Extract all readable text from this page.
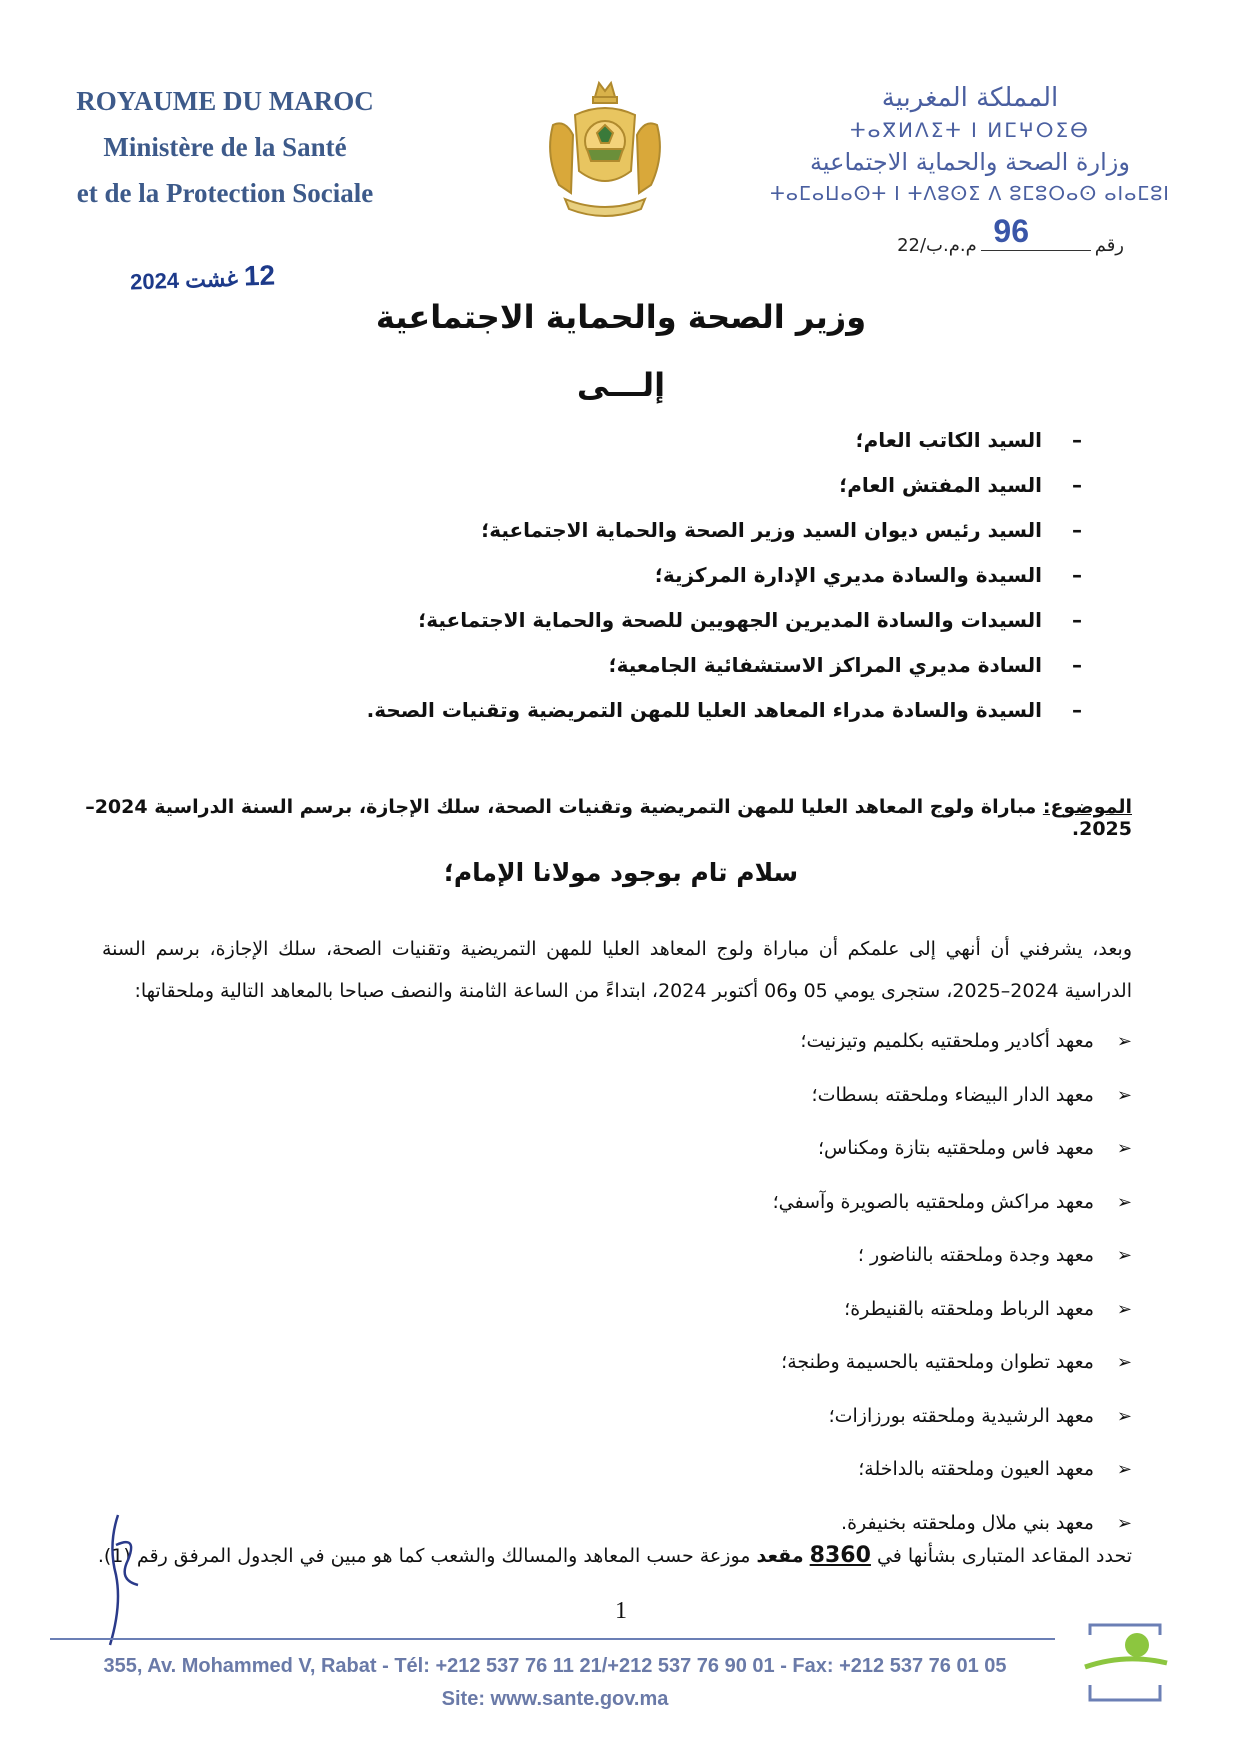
ROYAUME DU MAROC
Ministère de la Santé
et de la Protection Sociale
المملكة المغربية
ⵜⴰⴳⵍⴷⵉⵜ ⵏ ⵍⵎⵖⵔⵉⴱ
وزارة الصحة والحماية الاجتماعية
ⵜⴰⵎⴰⵡⴰⵙⵜ ⵏ ⵜⴷⵓⵙⵉ ⴷ ⵓⵎⵓⵔⴰⵙ ⴰⵏⴰⵎⵓⵏ
رقمم.م.ب/22 96
12 غشت 2024
وزير الصحة والحماية الاجتماعية
إلـــى
–
السيد الكاتب العام؛
–
السيد المفتش العام؛
–
السيد رئيس ديوان السيد وزير الصحة والحماية الاجتماعية؛
–
السيدة والسادة مديري الإدارة المركزية؛
–
السيدات والسادة المديرين الجهويين للصحة والحماية الاجتماعية؛
–
السادة مديري المراكز الاستشفائية الجامعية؛
–
السيدة والسادة مدراء المعاهد العليا للمهن التمريضية وتقنيات الصحة.
الموضوع: مباراة ولوج المعاهد العليا للمهن التمريضية وتقنيات الصحة، سلك الإجازة، برسم السنة الدراسية 2024–2025.
سلام تام بوجود مولانا الإمام؛
وبعد، يشرفني أن أنهي إلى علمكم أن مباراة ولوج المعاهد العليا للمهن التمريضية وتقنيات الصحة، سلك الإجازة، برسم السنة الدراسية 2024–2025، ستجرى يومي 05 و06 أكتوبر 2024، ابتداءً من الساعة الثامنة والنصف صباحا بالمعاهد التالية وملحقاتها:
➢
معهد أكادير وملحقتيه بكلميم وتيزنيت؛
➢
معهد الدار البيضاء وملحقته بسطات؛
➢
معهد فاس وملحقتيه بتازة ومكناس؛
➢
معهد مراكش وملحقتيه بالصويرة وآسفي؛
➢
معهد وجدة وملحقته بالناضور ؛
➢
معهد الرباط وملحقته بالقنيطرة؛
➢
معهد تطوان وملحقتيه بالحسيمة وطنجة؛
➢
معهد الرشيدية وملحقته بورزازات؛
➢
معهد العيون وملحقته بالداخلة؛
➢
معهد بني ملال وملحقته بخنيفرة.
تحدد المقاعد المتبارى بشأنها في 8360 مقعد موزعة حسب المعاهد والمسالك والشعب كما هو مبين في الجدول المرفق رقم (1).
1
355, Av. Mohammed V, Rabat - Tél: +212 537 76 11 21/+212 537 76 90 01 - Fax: +212 537 76 01 05
Site: www.sante.gov.ma
